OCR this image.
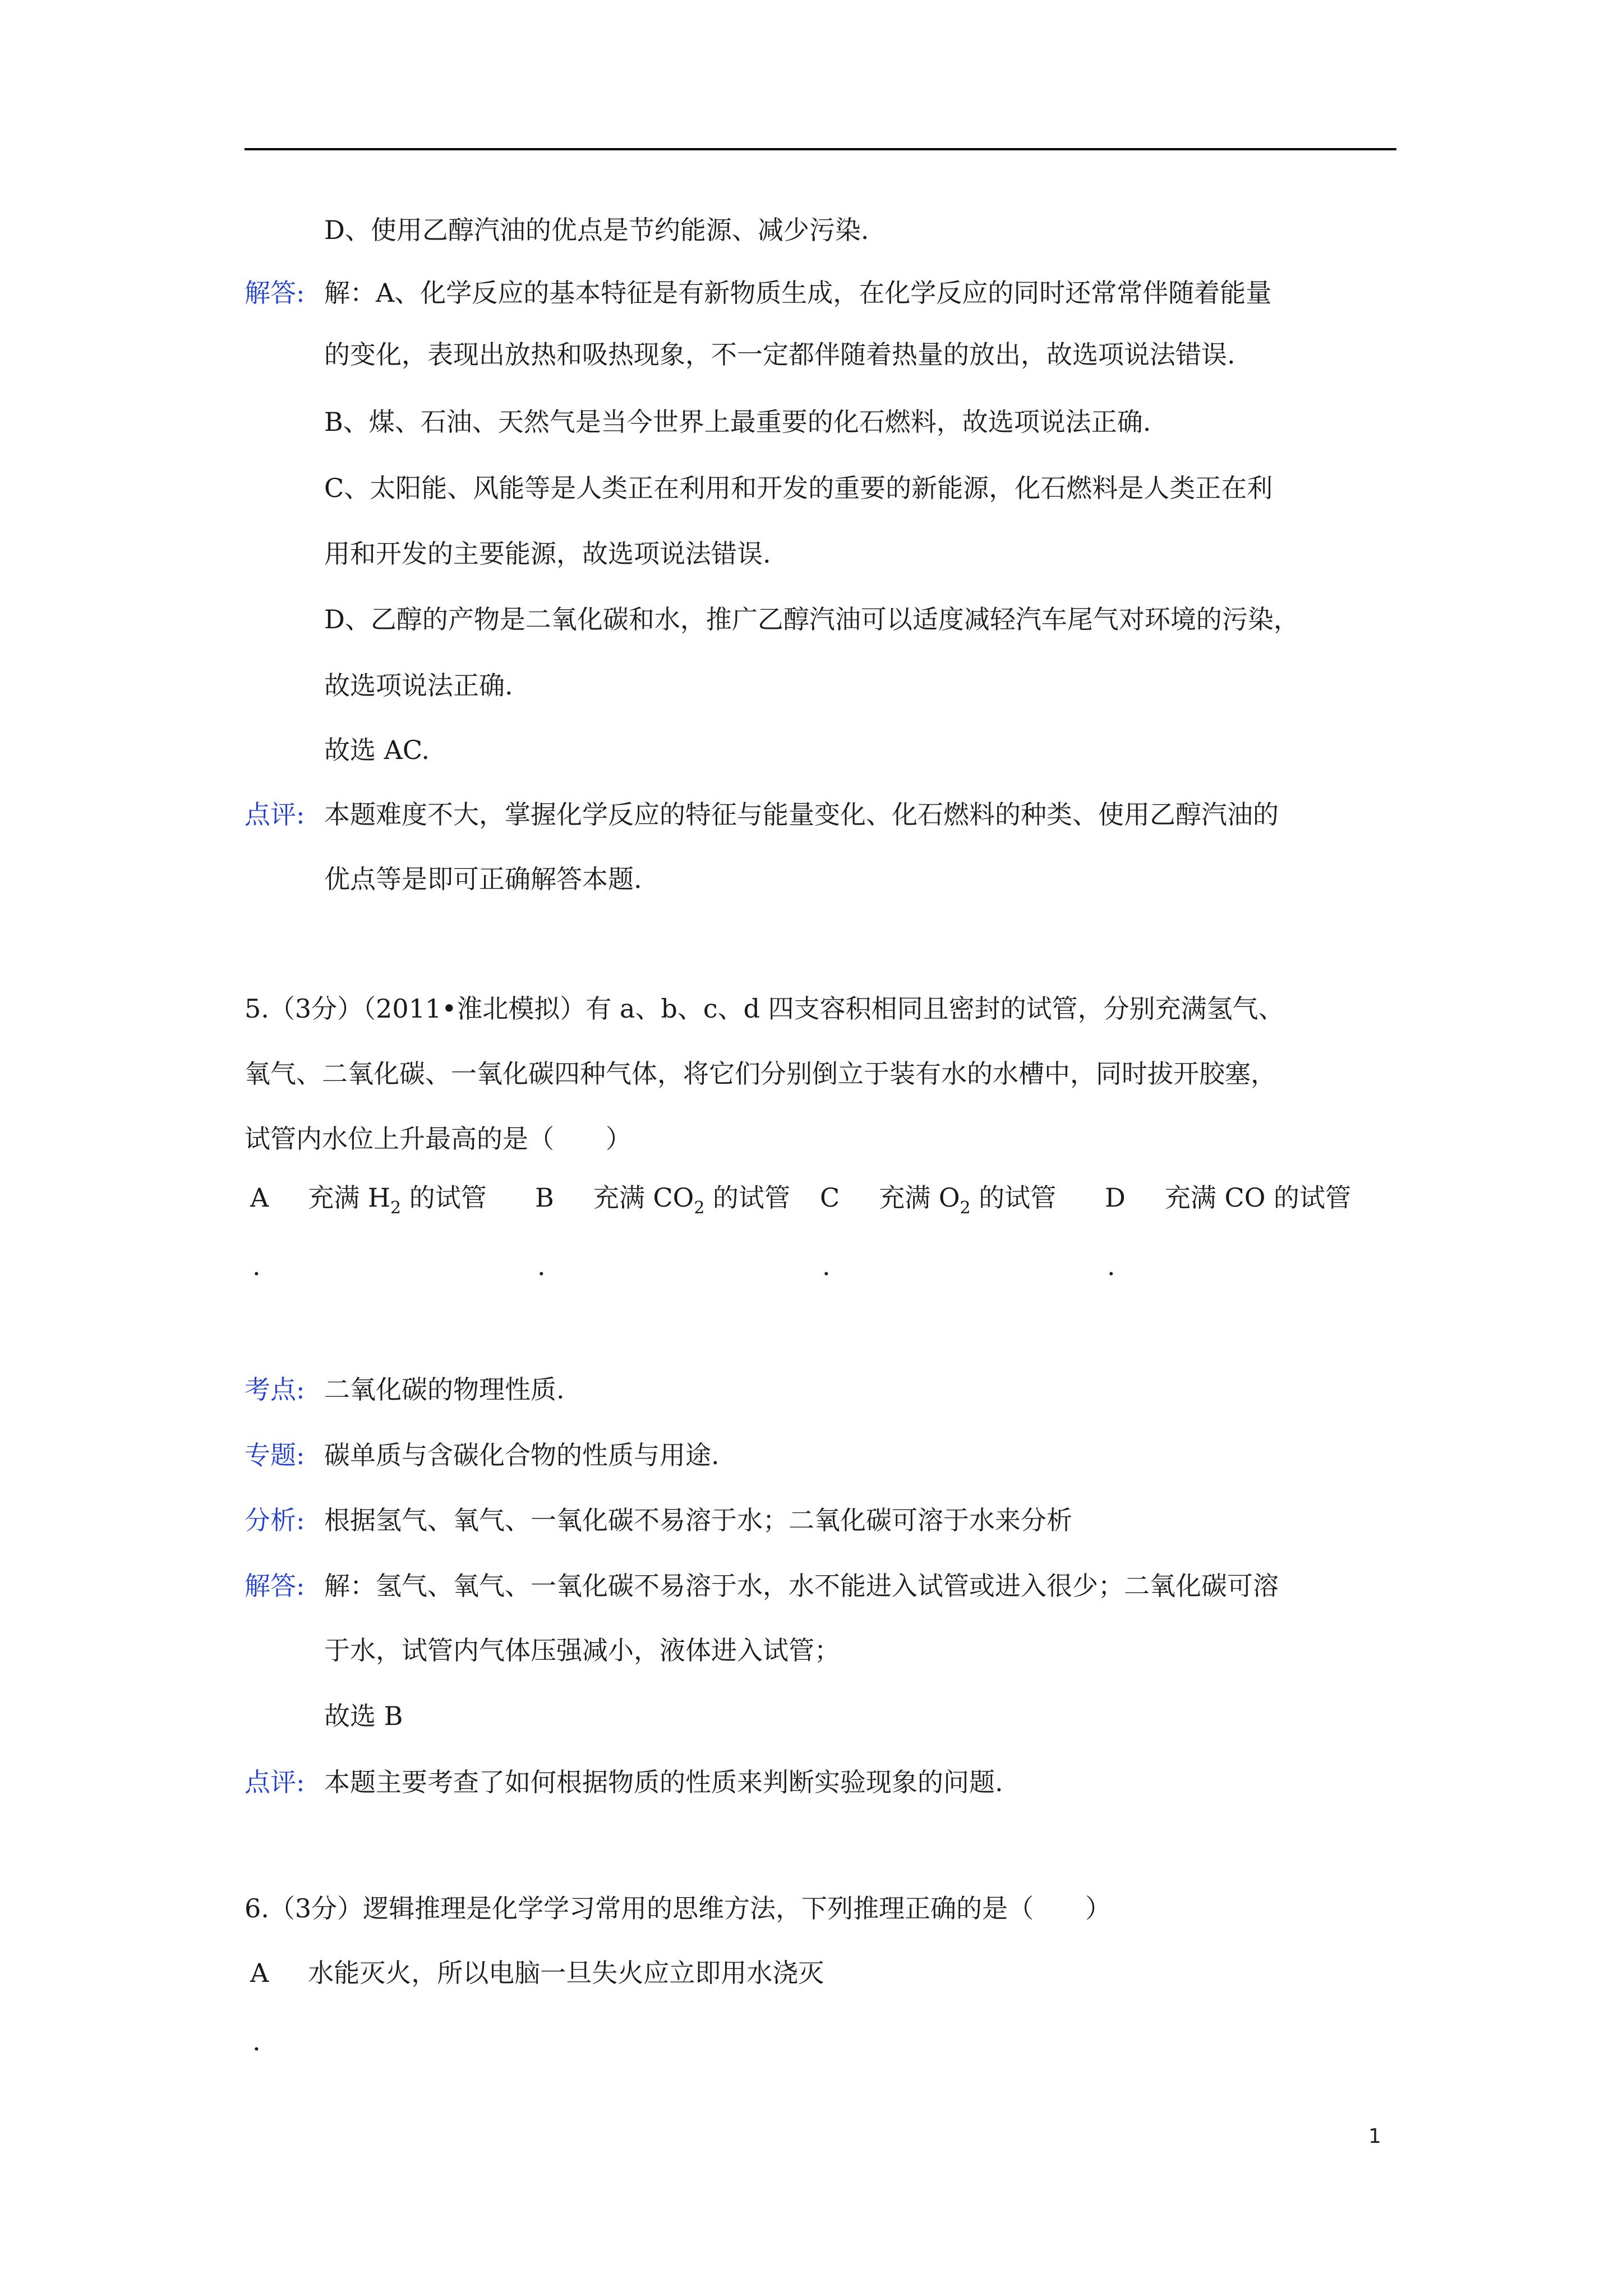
D、使用乙醇汽油的优点是节约能源、减少污染.
解答: 解：A、化学反应的基本特征是有新物质生成，在化学反应的同时还常常伴随着能量
的变化，表现出放热和吸热现象，不一定都伴随着热量的放出，故选项说法错误.
B、煤、石油、天然气是当今世界上最重要的化石燃料，故选项说法正确.
C、太阳能、风能等是人类正在利用和开发的重要的新能源，化石燃料是人类正在利
用和开发的主要能源，故选项说法错误.
D、乙醇的产物是二氧化碳和水，推广乙醇汽油可以适度减轻汽车尾气对环境的污染，
故选项说法正确.
故选 AC.
点评: 本题难度不大，掌握化学反应的特征与能量变化、化石燃料的种类、使用乙醇汽油的
优点等是即可正确解答本题.
5.（3分）（2011•淮北模拟）有 a、b、c、d 四支容积相同且密封的试管，分别充满氢气、
氧气、二氧化碳、一氧化碳四种气体，将它们分别倒立于装有水的水槽中，同时拔开胶塞，
试管内水位上升最高的是（　　）
A 充满 $H_2$ 的试管 B 充满 $CO_2$ 的试管 C 充满 $O_2$ 的试管 D 充满 CO 的试管
.	.	.	.
考点: 二氧化碳的物理性质.
专题: 碳单质与含碳化合物的性质与用途.
分析: 根据氢气、氧气、一氧化碳不易溶于水；二氧化碳可溶于水来分析
解答: 解：氢气、氧气、一氧化碳不易溶于水，水不能进入试管或进入很少；二氧化碳可溶
于水，试管内气体压强减小，液体进入试管；
故选 B
点评: 本题主要考查了如何根据物质的性质来判断实验现象的问题.
6.（3分）逻辑推理是化学学习常用的思维方法，下列推理正确的是（　　）
A 水能灭火，所以电脑一旦失火应立即用水浇灭
.
1
